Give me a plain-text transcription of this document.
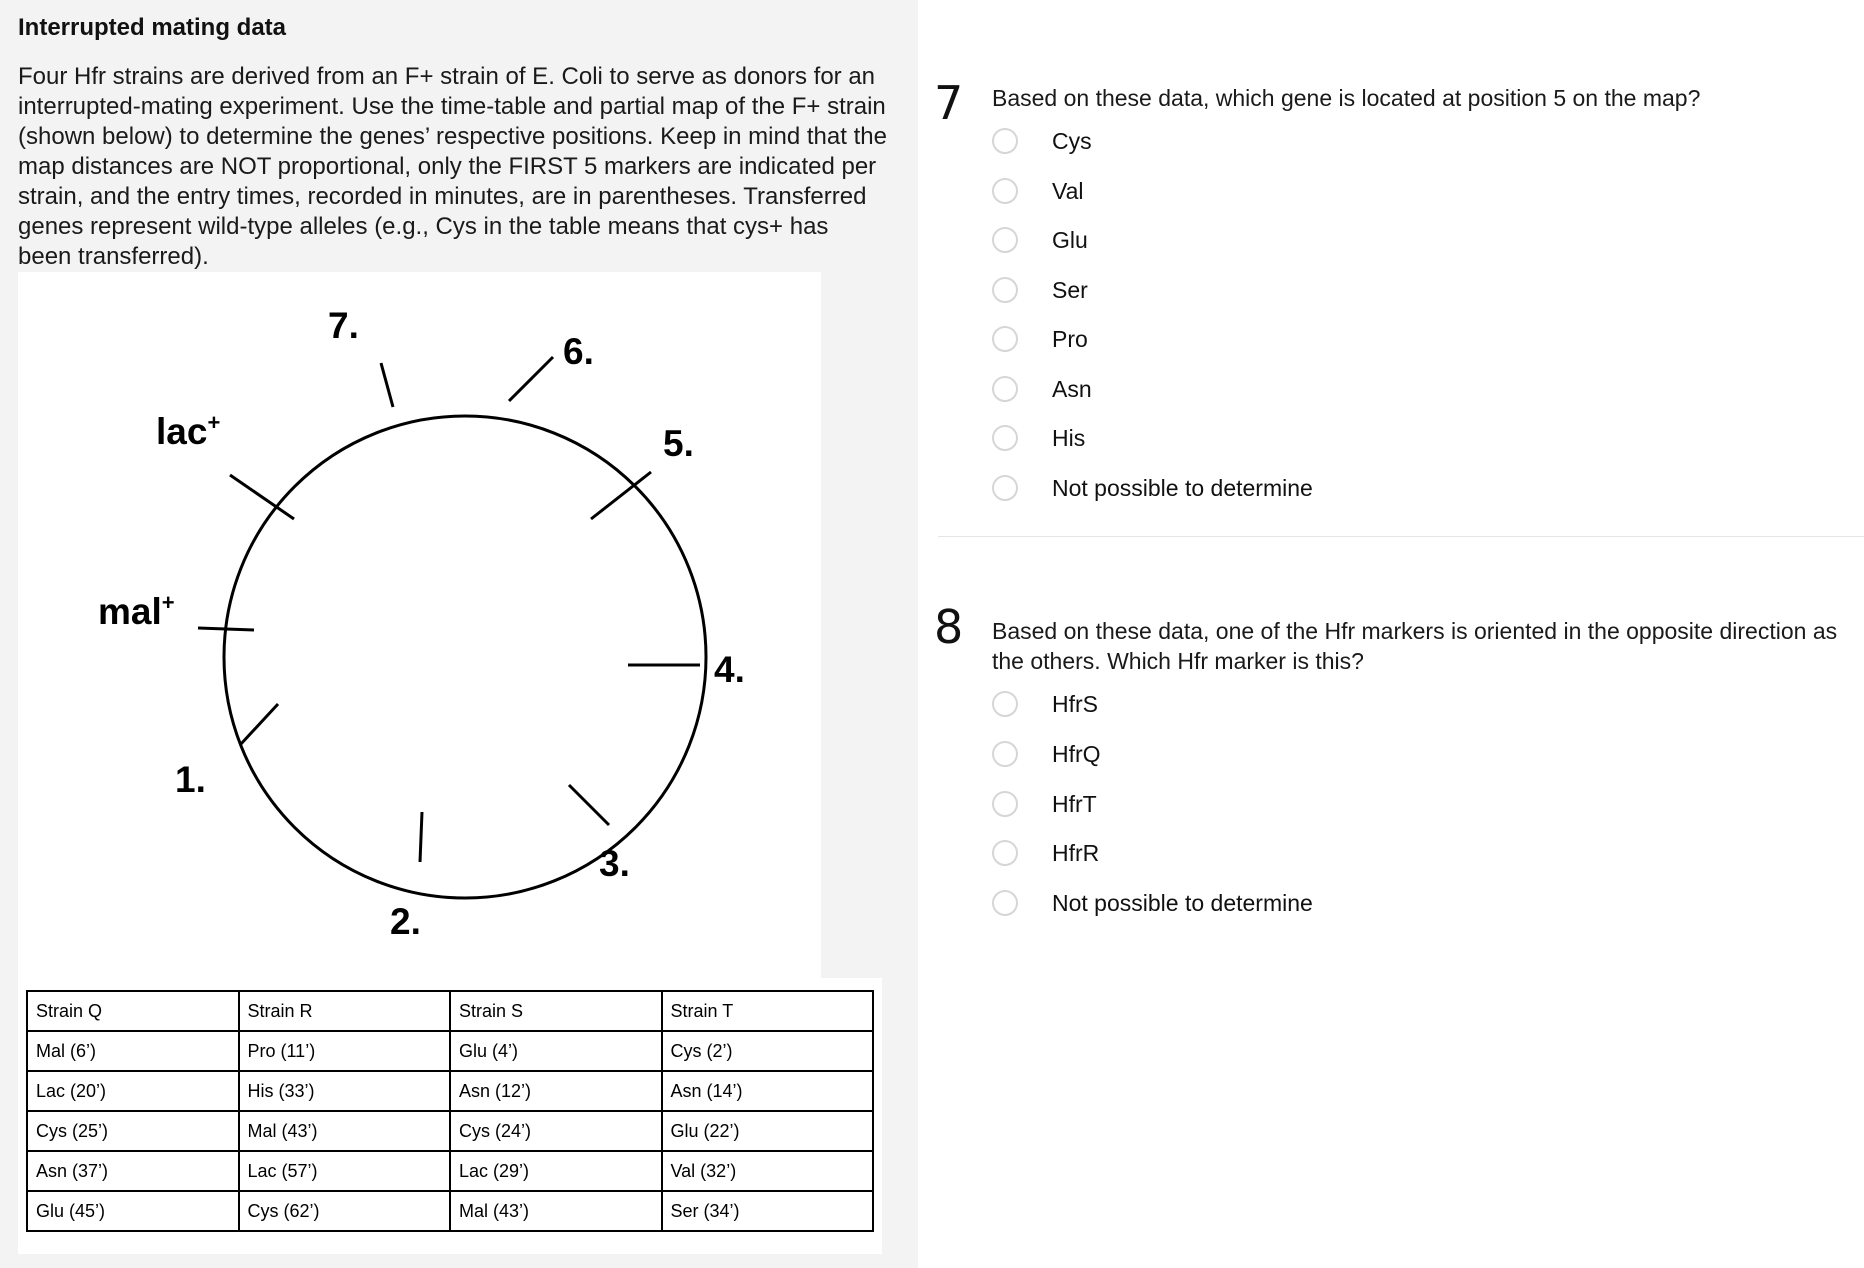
Interrupted mating data
Four Hfr strains are derived from an F+ strain of E. Coli to serve as donors for an interrupted-mating experiment. Use the time-table and partial map of the F+ strain (shown below) to determine the genes’ respective positions. Keep in mind that the map distances are NOT proportional, only the FIRST 5 markers are indicated per strain, and the entry times, recorded in minutes, are in parentheses. Transferred genes represent wild-type alleles (e.g., Cys in the table means that cys+ has been transferred).
lac+
mal+
1.
2.
3.
4.
5.
6.
7.
Strain Q	Strain R	Strain S	Strain T
Mal (6’)	Pro (11’)	Glu (4’)	Cys (2’)
Lac (20’)	His (33’)	Asn (12’)	Asn (14’)
Cys (25’)	Mal (43’)	Cys (24’)	Glu (22’)
Asn (37’)	Lac (57’)	Lac (29’)	Val (32’)
Glu (45’)	Cys (62’)	Mal (43’)	Ser (34’)
7 Based on these data, which gene is located at position 5 on the map?
Cys
Val
Glu
Ser
Pro
Asn
His
Not possible to determine
8 Based on these data, one of the Hfr markers is oriented in the opposite direction as the others. Which Hfr marker is this?
HfrS
HfrQ
HfrT
HfrR
Not possible to determine
